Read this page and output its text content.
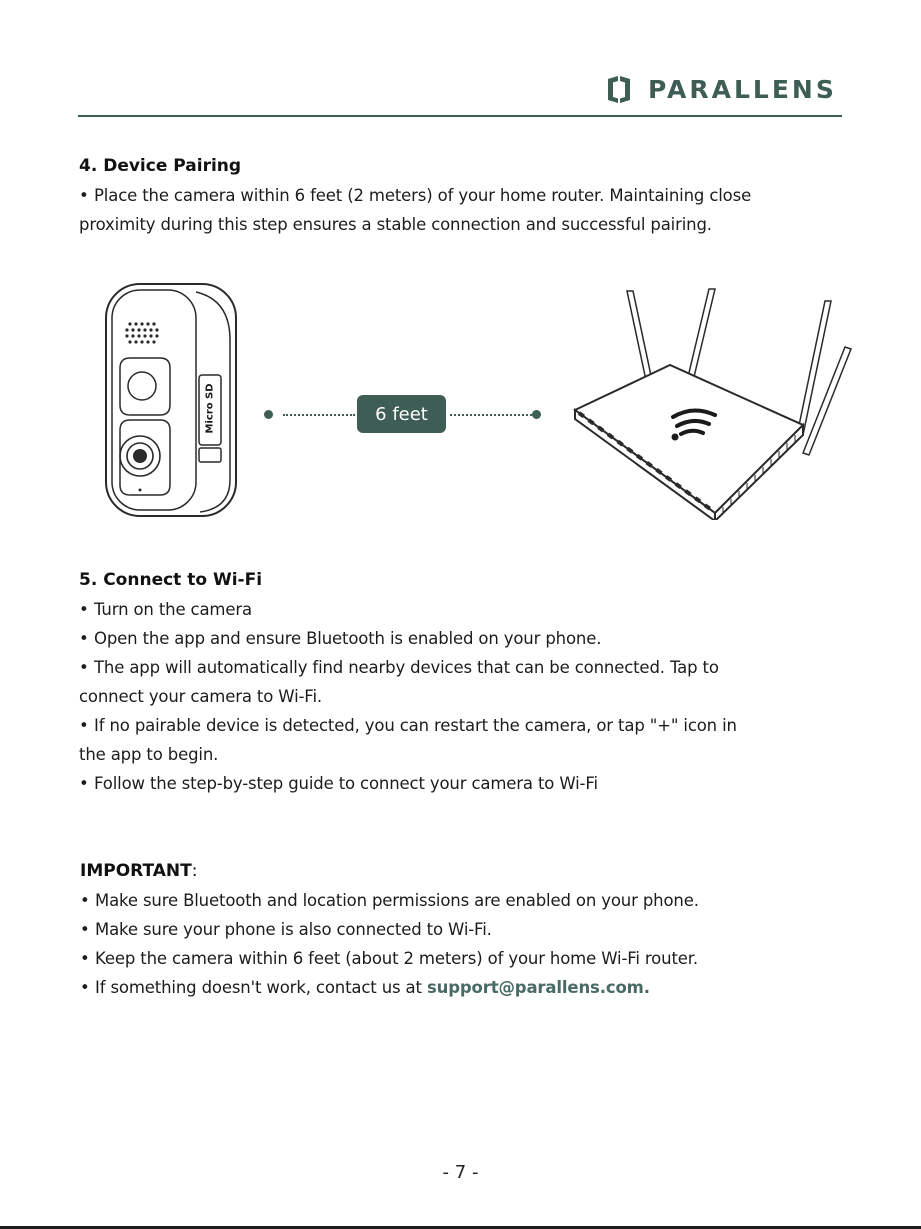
PARALLENS
4. Device Pairing
• Place the camera within 6 feet (2 meters) of your home router. Maintaining close
proximity during this step ensures a stable connection and successful pairing.
Micro SD	6 feet
5. Connect to Wi-Fi
• Turn on the camera
• Open the app and ensure Bluetooth is enabled on your phone.
• The app will automatically find nearby devices that can be connected. Tap to
connect your camera to Wi-Fi.
• If no pairable device is detected, you can restart the camera, or tap "+" icon in
the app to begin.
• Follow the step-by-step guide to connect your camera to Wi-Fi
IMPORTANT:
• Make sure Bluetooth and location permissions are enabled on your phone.
• Make sure your phone is also connected to Wi-Fi.
• Keep the camera within 6 feet (about 2 meters) of your home Wi-Fi router.
• If something doesn't work, contact us at support@parallens.com.
- 7 -
